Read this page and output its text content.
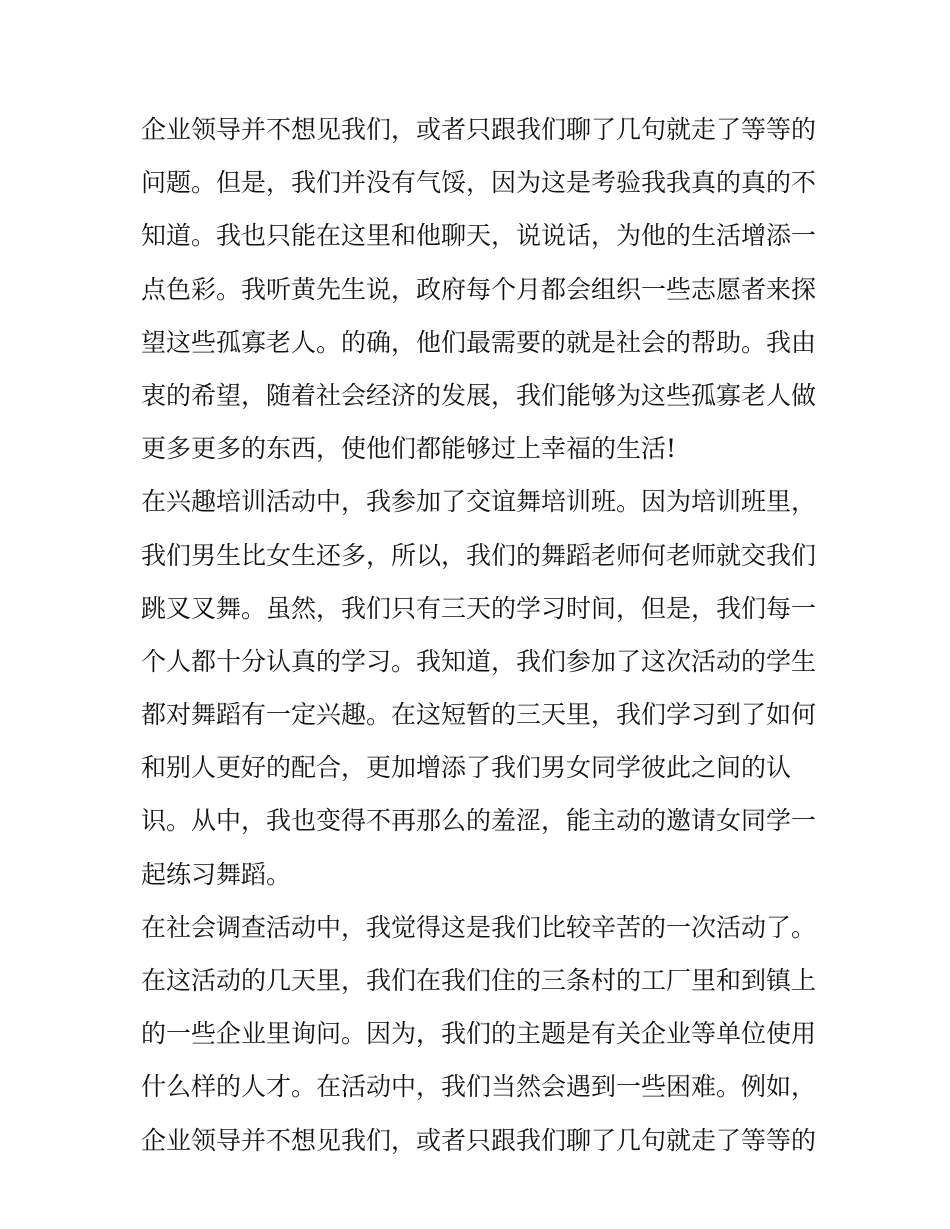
企业领导并不想见我们，或者只跟我们聊了几句就走了等等的
问题。但是，我们并没有气馁，因为这是考验我我真的真的不
知道。我也只能在这里和他聊天，说说话，为他的生活增添一
点色彩。我听黄先生说，政府每个月都会组织一些志愿者来探
望这些孤寡老人。的确，他们最需要的就是社会的帮助。我由
衷的希望，随着社会经济的发展，我们能够为这些孤寡老人做
更多更多的东西，使他们都能够过上幸福的生活!
在兴趣培训活动中，我参加了交谊舞培训班。因为培训班里，
我们男生比女生还多，所以，我们的舞蹈老师何老师就交我们
跳叉叉舞。虽然，我们只有三天的学习时间，但是，我们每一
个人都十分认真的学习。我知道，我们参加了这次活动的学生
都对舞蹈有一定兴趣。在这短暂的三天里，我们学习到了如何
和别人更好的配合，更加增添了我们男女同学彼此之间的认
识。从中，我也变得不再那么的羞涩，能主动的邀请女同学一
起练习舞蹈。
在社会调查活动中，我觉得这是我们比较辛苦的一次活动了。
在这活动的几天里，我们在我们住的三条村的工厂里和到镇上
的一些企业里询问。因为，我们的主题是有关企业等单位使用
什么样的人才。在活动中，我们当然会遇到一些困难。例如，
企业领导并不想见我们，或者只跟我们聊了几句就走了等等的
